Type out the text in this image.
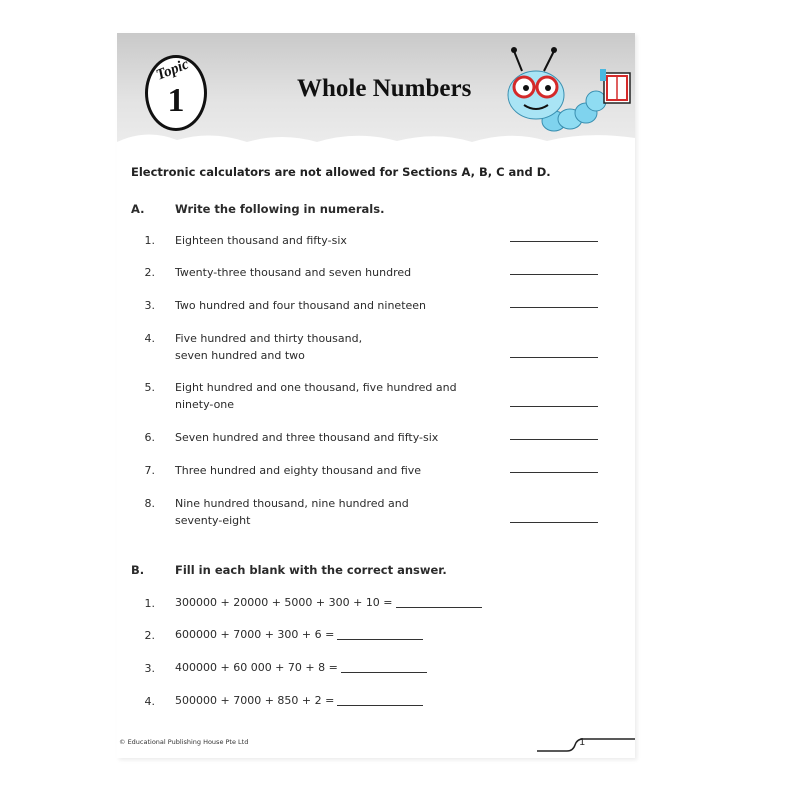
Topic
1	Whole Numbers
Electronic calculators are not allowed for Sections A, B, C and D.
A.	Write the following in numerals.
1. Eighteen thousand and fifty-six
2. Twenty-three thousand and seven hundred
3. Two hundred and four thousand and nineteen
4. Five hundred and thirty thousand, seven hundred and two
5. Eight hundred and one thousand, five hundred and ninety-one
6. Seven hundred and three thousand and fifty-six
7. Three hundred and eighty thousand and five
8. Nine hundred thousand, nine hundred and seventy-eight
B.	Fill in each blank with the correct answer.
1. 300000 + 20000 + 5000 + 300 + 10 =
2. 600000 + 7000 + 300 + 6 =
3. 400000 + 60 000 + 70 + 8 =
4. 500000 + 7000 + 850 + 2 =
© Educational Publishing House Pte Ltd	1
